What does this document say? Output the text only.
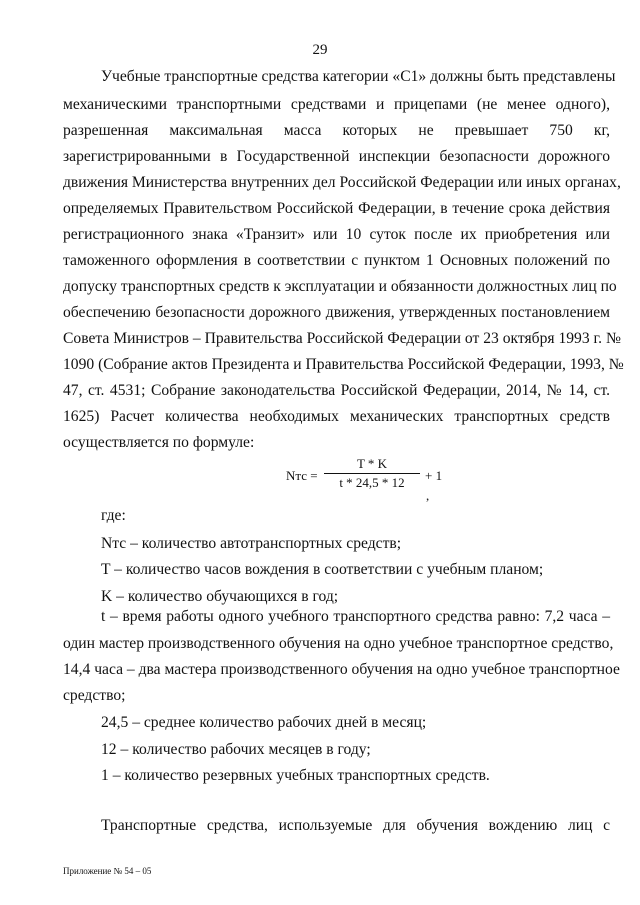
29
Учебные транспортные средства категории «C1» должны быть представлены
механическими транспортными средствами и прицепами (не менее одного),
разрешенная максимальная масса которых не превышает 750 кг,
зарегистрированными в Государственной инспекции безопасности дорожного
движения Министерства внутренних дел Российской Федерации или иных органах,
определяемых Правительством Российской Федерации, в течение срока действия
регистрационного знака «Транзит» или 10 суток после их приобретения или
таможенного оформления в соответствии с пунктом 1 Основных положений по
допуску транспортных средств к эксплуатации и обязанности должностных лиц по
обеспечению безопасности дорожного движения, утвержденных постановлением
Совета Министров – Правительства Российской Федерации от 23 октября 1993 г. №
1090 (Собрание актов Президента и Правительства Российской Федерации, 1993, №
47, ст. 4531; Собрание законодательства Российской Федерации, 2014, № 14, ст.
1625) Расчет количества необходимых механических транспортных средств
осуществляется по формуле:
Nтс =
T * K
t * 24,5 * 12	+ 1
,
где:
Nтс – количество автотранспортных средств;
T – количество часов вождения в соответствии с учебным планом;
K – количество обучающихся в год;
t – время работы одного учебного транспортного средства равно: 7,2 часа –
один мастер производственного обучения на одно учебное транспортное средство,
14,4 часа – два мастера производственного обучения на одно учебное транспортное
средство;
24,5 – среднее количество рабочих дней в месяц;
12 – количество рабочих месяцев в году;
1 – количество резервных учебных транспортных средств.
Транспортные средства, используемые для обучения вождению лиц с
Приложение № 54 – 05
